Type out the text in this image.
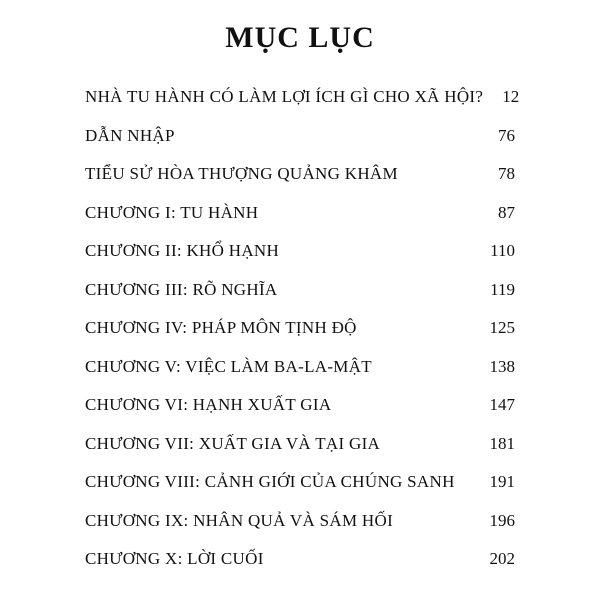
MỤC LỤC
NHÀ TU HÀNH CÓ LÀM LỢI ÍCH GÌ CHO XÃ HỘI?	12
DẪN NHẬP	76
TIỂU SỬ HÒA THƯỢNG QUẢNG KHÂM	78
CHƯƠNG I: TU HÀNH	87
CHƯƠNG II: KHỔ HẠNH	110
CHƯƠNG III: RÕ NGHĨA	119
CHƯƠNG IV: PHÁP MÔN TỊNH ĐỘ	125
CHƯƠNG V: VIỆC LÀM BA-LA-MẬT	138
CHƯƠNG VI: HẠNH XUẤT GIA	147
CHƯƠNG VII: XUẤT GIA VÀ TẠI GIA	181
CHƯƠNG VIII: CẢNH GIỚI CỦA CHÚNG SANH	191
CHƯƠNG IX: NHÂN QUẢ VÀ SÁM HỐI	196
CHƯƠNG X: LỜI CUỐI	202
